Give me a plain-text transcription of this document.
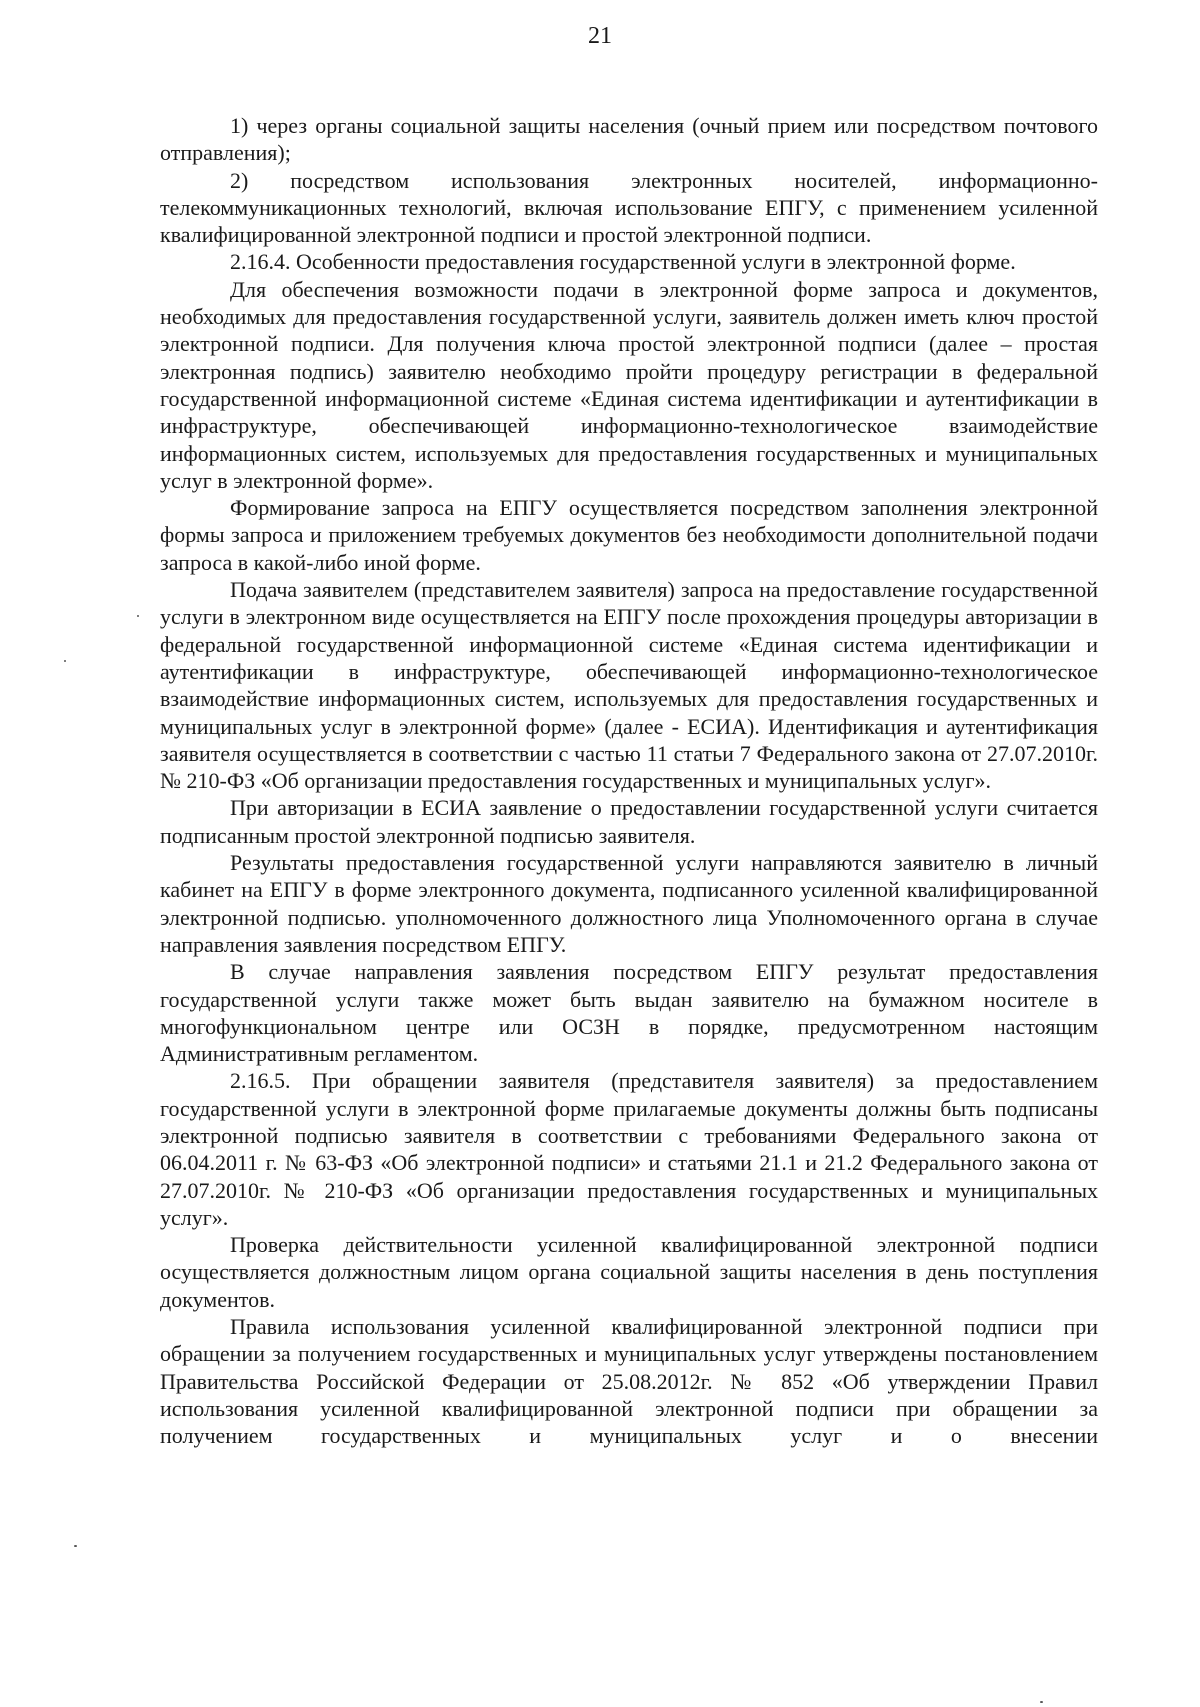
21

1) через органы социальной защиты населения (очный прием или посредством почтового отправления);

2) посредством использования электронных носителей, информационно-телекоммуникационных технологий, включая использование ЕПГУ, с применением усиленной квалифицированной электронной подписи и простой электронной подписи.

2.16.4. Особенности предоставления государственной услуги в электронной форме.

Для обеспечения возможности подачи в электронной форме запроса и документов, необходимых для предоставления государственной услуги, заявитель должен иметь ключ простой электронной подписи. Для получения ключа простой электронной подписи (далее – простая электронная подпись) заявителю необходимо пройти процедуру регистрации в федеральной государственной информационной системе «Единая система идентификации и аутентификации в инфраструктуре, обеспечивающей информационно-технологическое взаимодействие информационных систем, используемых для предоставления государственных и муниципальных услуг в электронной форме».

Формирование запроса на ЕПГУ осуществляется посредством заполнения электронной формы запроса и приложением требуемых документов без необходимости дополнительной подачи запроса в какой-либо иной форме.

Подача заявителем (представителем заявителя) запроса на предоставление государственной услуги в электронном виде осуществляется на ЕПГУ после прохождения процедуры авторизации в федеральной государственной информационной системе «Единая система идентификации и аутентификации в инфраструктуре, обеспечивающей информационно-технологическое взаимодействие информационных систем, используемых для предоставления государственных и муниципальных услуг в электронной форме» (далее - ЕСИА). Идентификация и аутентификация заявителя осуществляется в соответствии с частью 11 статьи 7 Федерального закона от 27.07.2010г. № 210-ФЗ «Об организации предоставления государственных и муниципальных услуг».

При авторизации в ЕСИА заявление о предоставлении государственной услуги считается подписанным простой электронной подписью заявителя.

Результаты предоставления государственной услуги направляются заявителю в личный кабинет на ЕПГУ в форме электронного документа, подписанного усиленной квалифицированной электронной подписью. уполномоченного должностного лица Уполномоченного органа в случае направления заявления посредством ЕПГУ.

В случае направления заявления посредством ЕПГУ результат предоставления государственной услуги также может быть выдан заявителю на бумажном носителе в многофункциональном центре или ОСЗН в порядке, предусмотренном настоящим Административным регламентом.

2.16.5. При обращении заявителя (представителя заявителя) за предоставлением государственной услуги в электронной форме прилагаемые документы должны быть подписаны электронной подписью заявителя в соответствии с требованиями Федерального закона от 06.04.2011 г. № 63-ФЗ «Об электронной подписи» и статьями 21.1 и 21.2 Федерального закона от 27.07.2010г. № 210-ФЗ «Об организации предоставления государственных и муниципальных услуг».

Проверка действительности усиленной квалифицированной электронной подписи осуществляется должностным лицом органа социальной защиты населения в день поступления документов.

Правила использования усиленной квалифицированной электронной подписи при обращении за получением государственных и муниципальных услуг утверждены постановлением Правительства Российской Федерации от 25.08.2012г. № 852 «Об утверждении Правил использования усиленной квалифицированной электронной подписи при обращении за получением государственных и муниципальных услуг и о внесении
